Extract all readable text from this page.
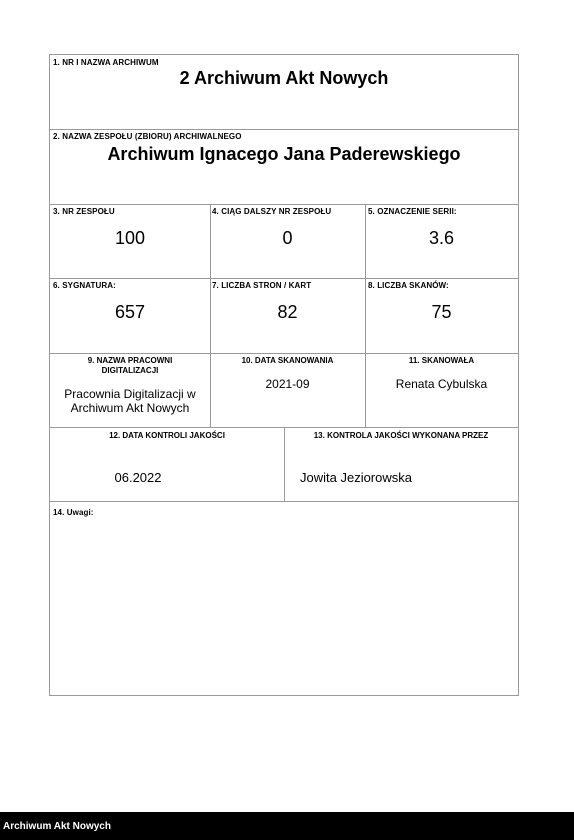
1. NR I NAZWA ARCHIWUM
2 Archiwum Akt Nowych
2. NAZWA ZESPOŁU (ZBIORU) ARCHIWALNEGO
Archiwum Ignacego Jana Paderewskiego
3. NR ZESPOŁU
100
4. CIĄG DALSZY NR ZESPOŁU
0
5. OZNACZENIE SERII:
3.6
6. SYGNATURA:
657
7. LICZBA STRON / KART
82
8. LICZBA SKANÓW:
75
9. NAZWA PRACOWNI DIGITALIZACJI
Pracownia Digitalizacji w Archiwum Akt Nowych
10. DATA SKANOWANIA
2021-09
11. SKANOWAŁA
Renata Cybulska
12. DATA KONTROLI JAKOŚCI
06.2022
13. KONTROLA JAKOŚCI WYKONANA PRZEZ
Jowita Jeziorowska
14. Uwagi:
Archiwum Akt Nowych
